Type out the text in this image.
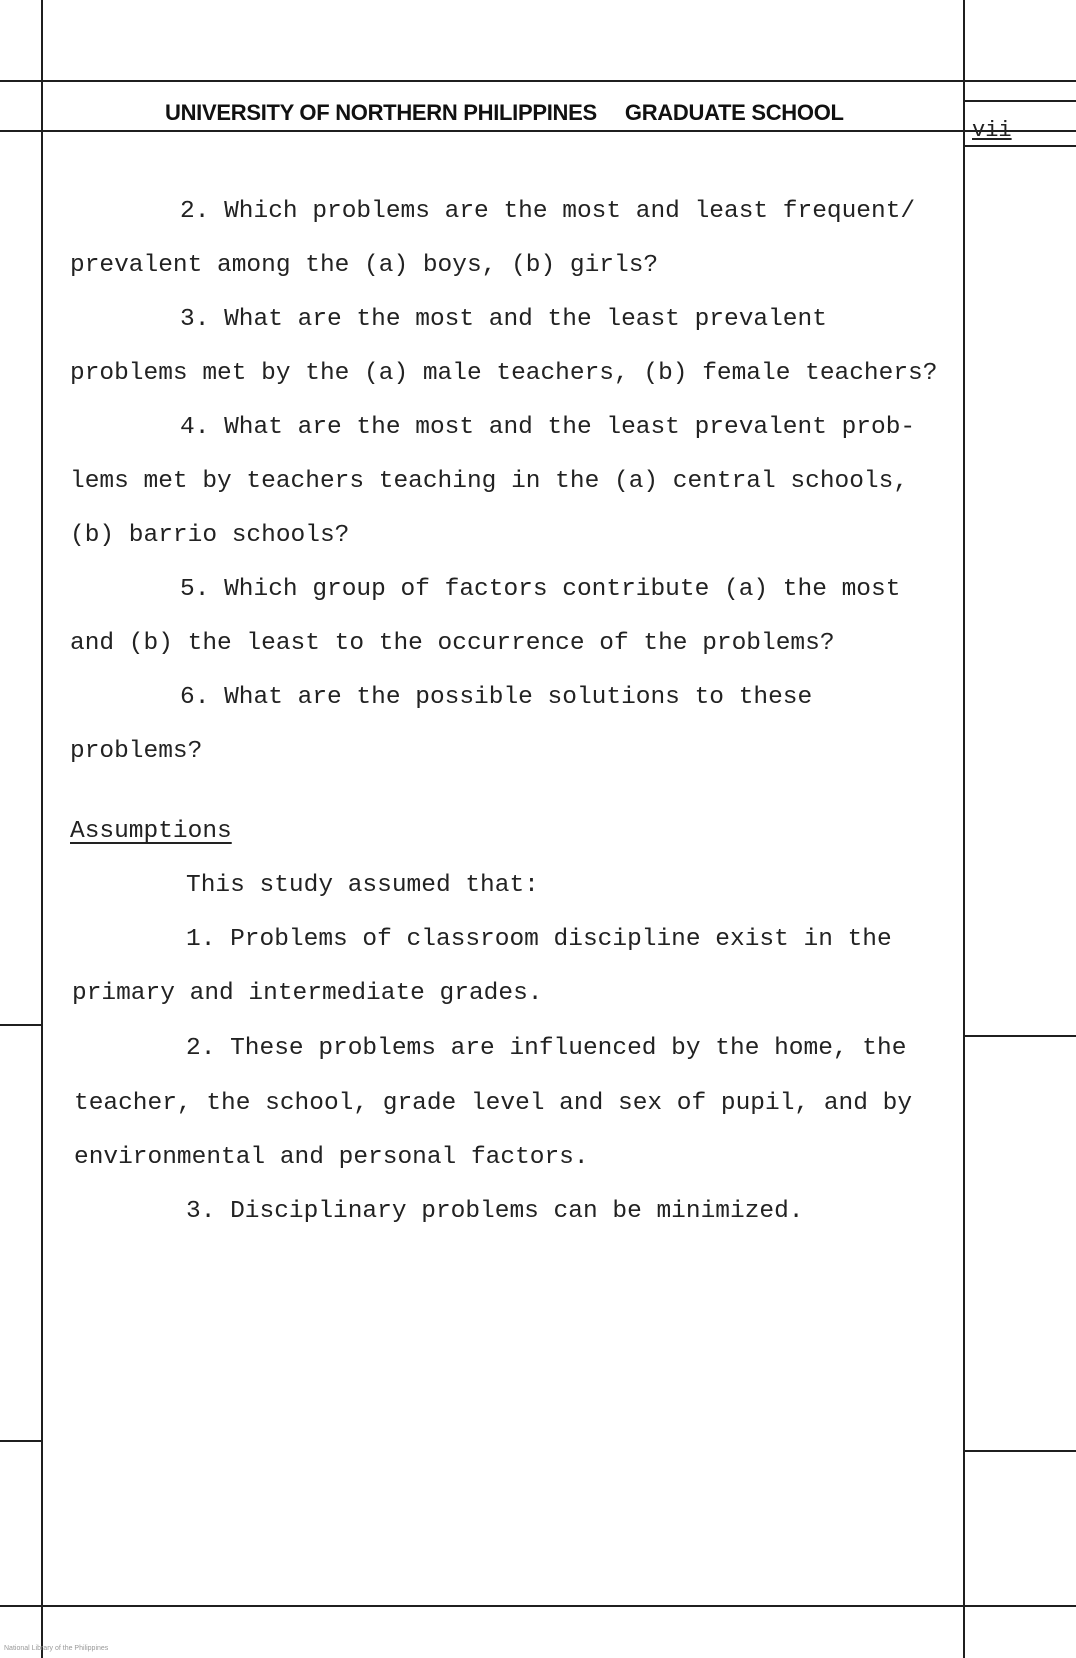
UNIVERSITY OF NORTHERN PHILIPPINES GRADUATE SCHOOL
vii
2. Which problems are the most and least frequent/
prevalent among the (a) boys, (b) girls?
3. What are the most and the least prevalent
problems met by the (a) male teachers, (b) female teachers?
4. What are the most and the least prevalent prob-
lems met by teachers teaching in the (a) central schools,
(b) barrio schools?
5. Which group of factors contribute (a) the most
and (b) the least to the occurrence of the problems?
6. What are the possible solutions to these
problems?
Assumptions
This study assumed that:
1. Problems of classroom discipline exist in the
primary and intermediate grades.
2. These problems are influenced by the home, the
teacher, the school, grade level and sex of pupil, and by
environmental and personal factors.
3. Disciplinary problems can be minimized.
National Library of the Philippines
